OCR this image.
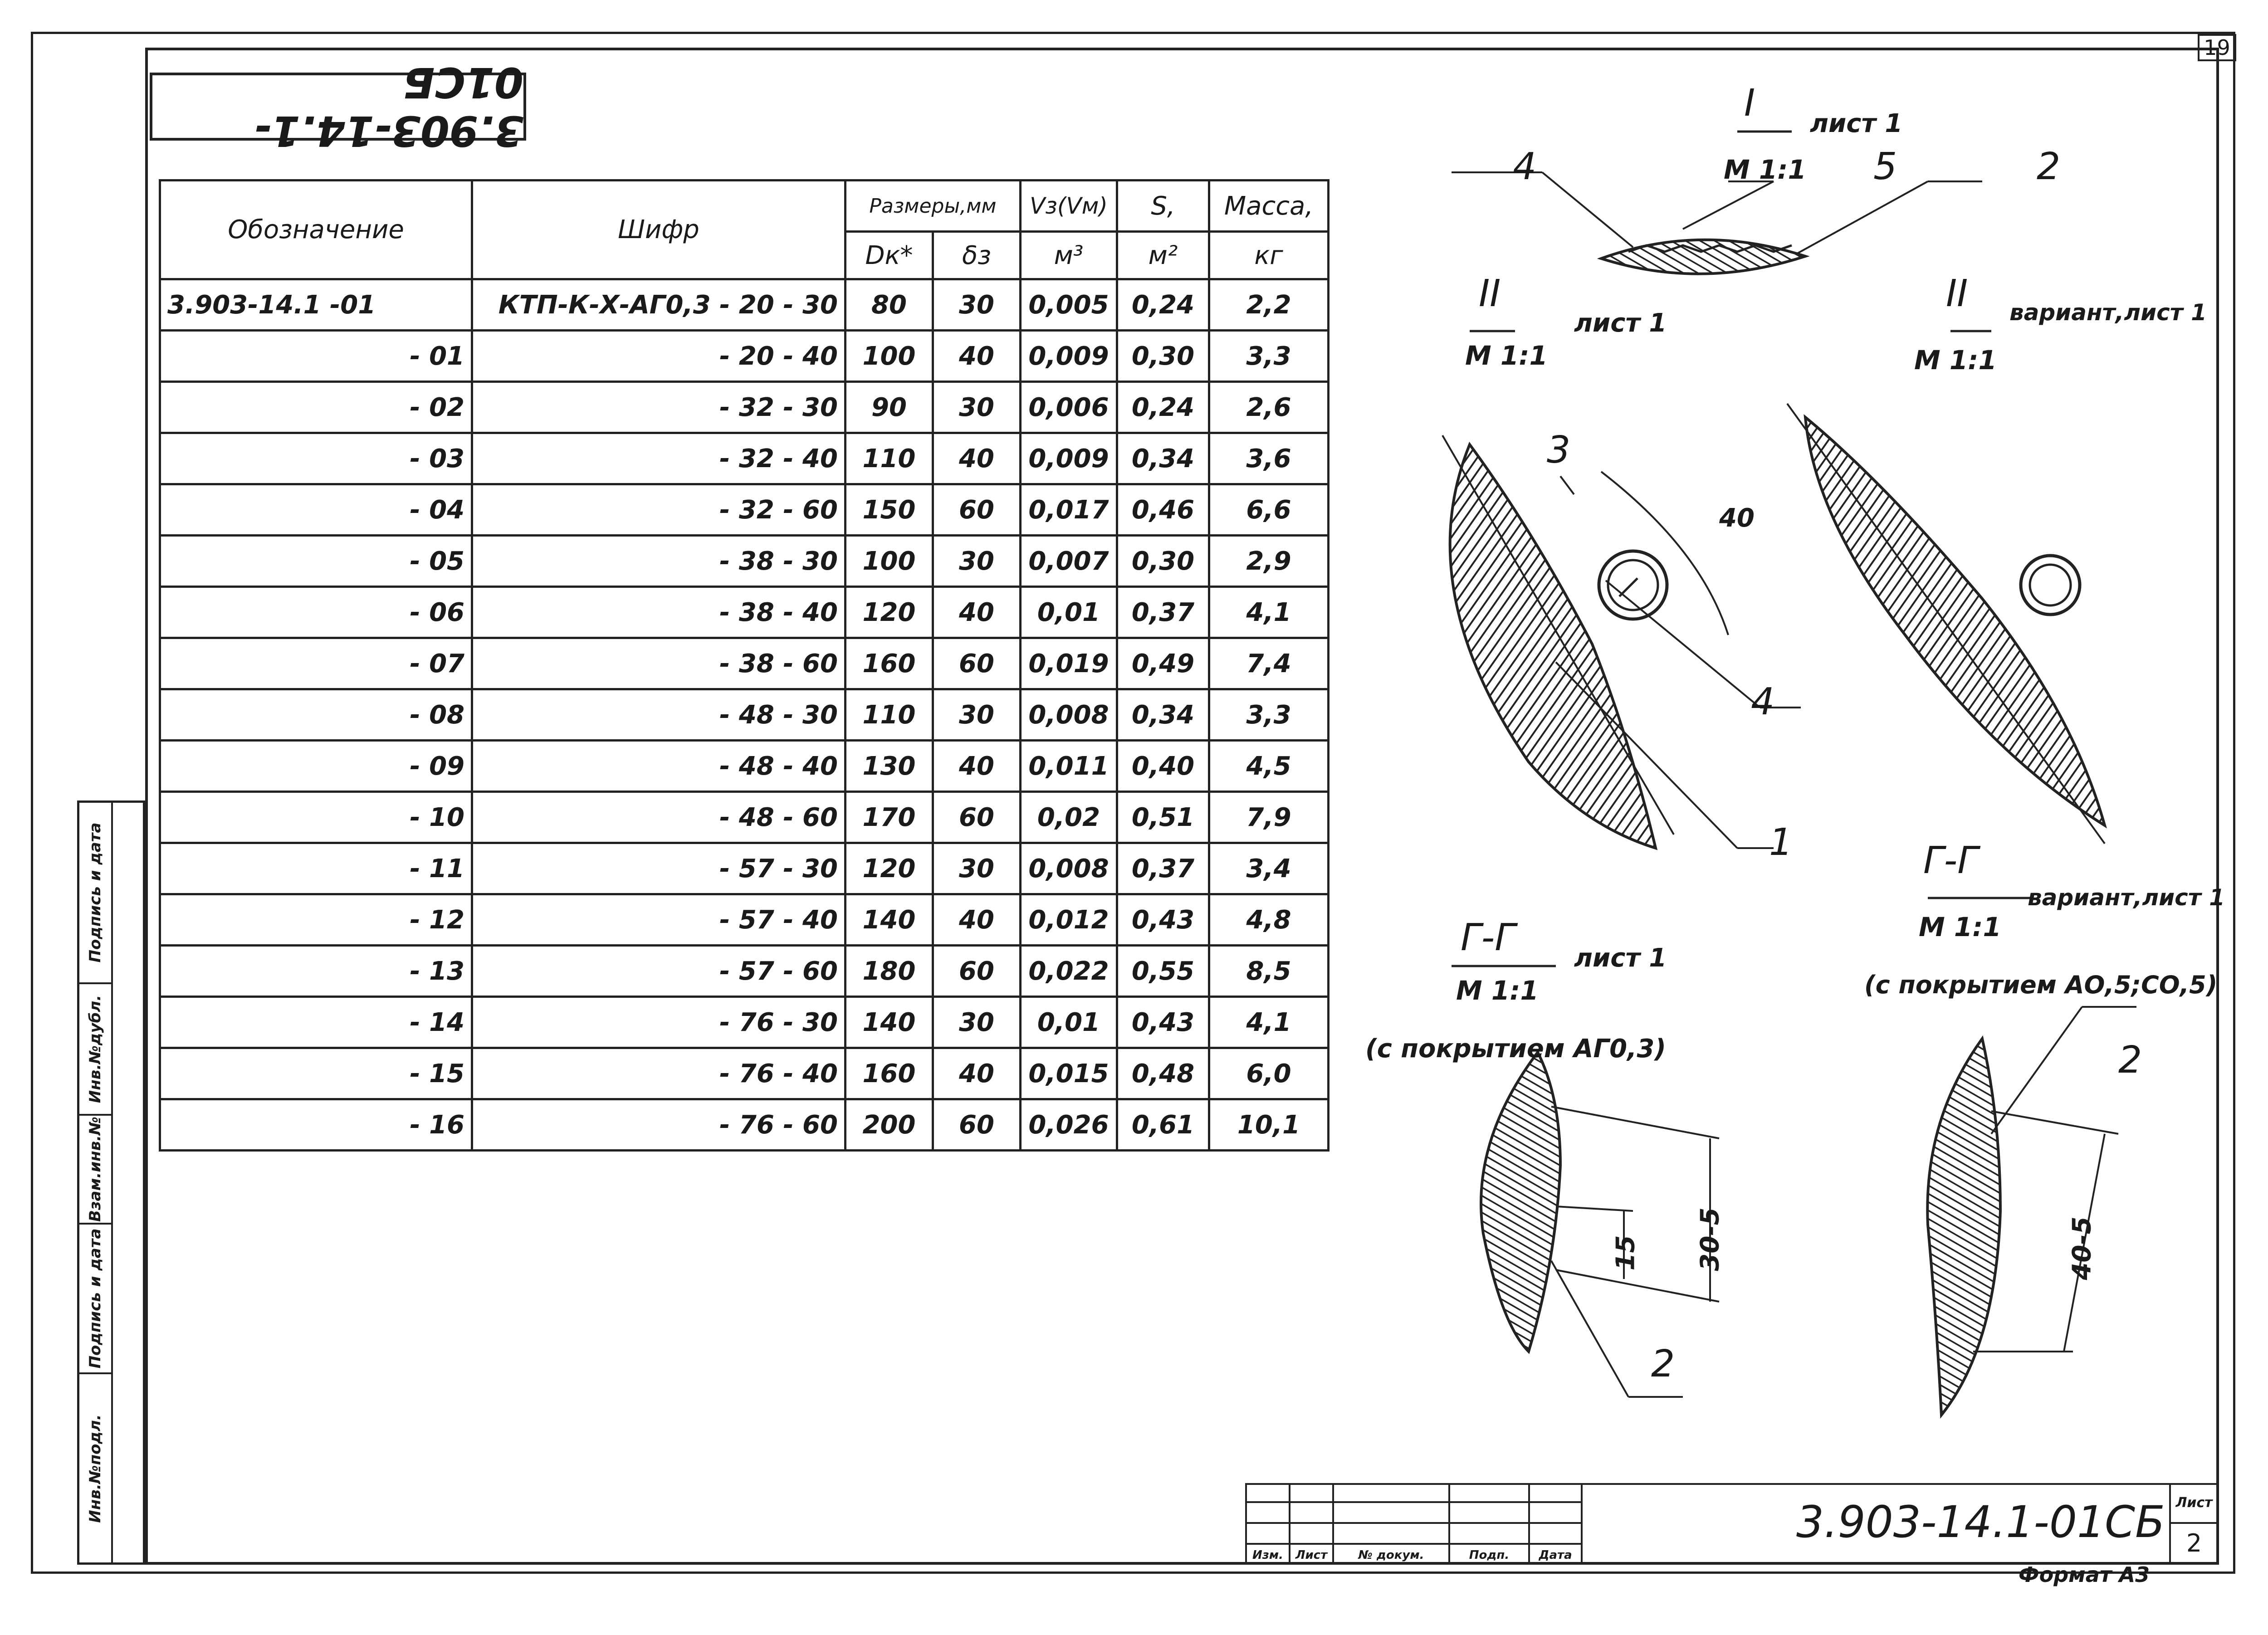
3.903-14.1-01СБ
19
Обозначение	Шифр	Размеры,мм		Vз(Vм)	S,	Масса,
		Dк*	δз	м³	м²	кг
3.903-14.1 -01	КТП-К-Х-АГ0,3 - 20 - 30	80	30	0,005	0,24	2,2
- 01	- 20 - 40	100	40	0,009	0,30	3,3
- 02	- 32 - 30	90	30	0,006	0,24	2,6
- 03	- 32 - 40	110	40	0,009	0,34	3,6
- 04	- 32 - 60	150	60	0,017	0,46	6,6
- 05	- 38 - 30	100	30	0,007	0,30	2,9
- 06	- 38 - 40	120	40	0,01	0,37	4,1
- 07	- 38 - 60	160	60	0,019	0,49	7,4
- 08	- 48 - 30	110	30	0,008	0,34	3,3
- 09	- 48 - 40	130	40	0,011	0,40	4,5
- 10	- 48 - 60	170	60	0,02	0,51	7,9
- 11	- 57 - 30	120	30	0,008	0,37	3,4
- 12	- 57 - 40	140	40	0,012	0,43	4,8
- 13	- 57 - 60	180	60	0,022	0,55	8,5
- 14	- 76 - 30	140	30	0,01	0,43	4,1
- 15	- 76 - 40	160	40	0,015	0,48	6,0
- 16	- 76 - 60	200	60	0,026	0,61	10,1
Инв.№подл.
Подпись и дата
Взам.инв.№
Инв.№дубл.
Подпись и дата
I лист 1
М 1:1
4	5	2
II
лист 1
М 1:1
3
4
1
40
II вариант,лист 1
М 1:1
Г-Г лист 1
М 1:1
(с покрытием АГ0,3)
2
15 30-5
Г-Г
вариант,лист 1
М 1:1
(с покрытием АО,5;СО,5)
2
40-5
Изм.	Лист	№ докум.	Подп.	Дата
3.903-14.1-01СБ Лист
2
Формат А3
